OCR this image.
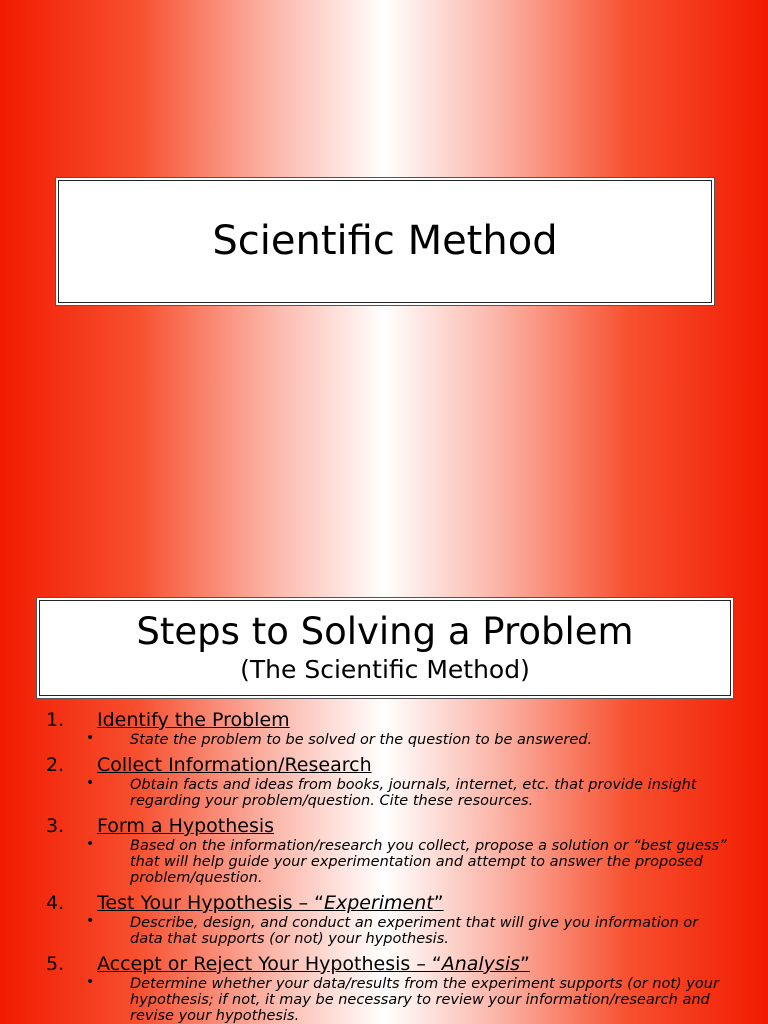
Scientific Method
Steps to Solving a Problem
(The Scientific Method)
1. Identify the Problem
• State the problem to be solved or the question to be answered.
2. Collect Information/Research
• Obtain facts and ideas from books, journals, internet, etc. that provide insight regarding your problem/question. Cite these resources.
3. Form a Hypothesis
• Based on the information/research you collect, propose a solution or “best guess” that will help guide your experimentation and attempt to answer the proposed problem/question.
4. Test Your Hypothesis – “Experiment”
• Describe, design, and conduct an experiment that will give you information or data that supports (or not) your hypothesis.
5. Accept or Reject Your Hypothesis – “Analysis”
• Determine whether your data/results from the experiment supports (or not) your hypothesis; if not, it may be necessary to review your information/research and revise your hypothesis.
